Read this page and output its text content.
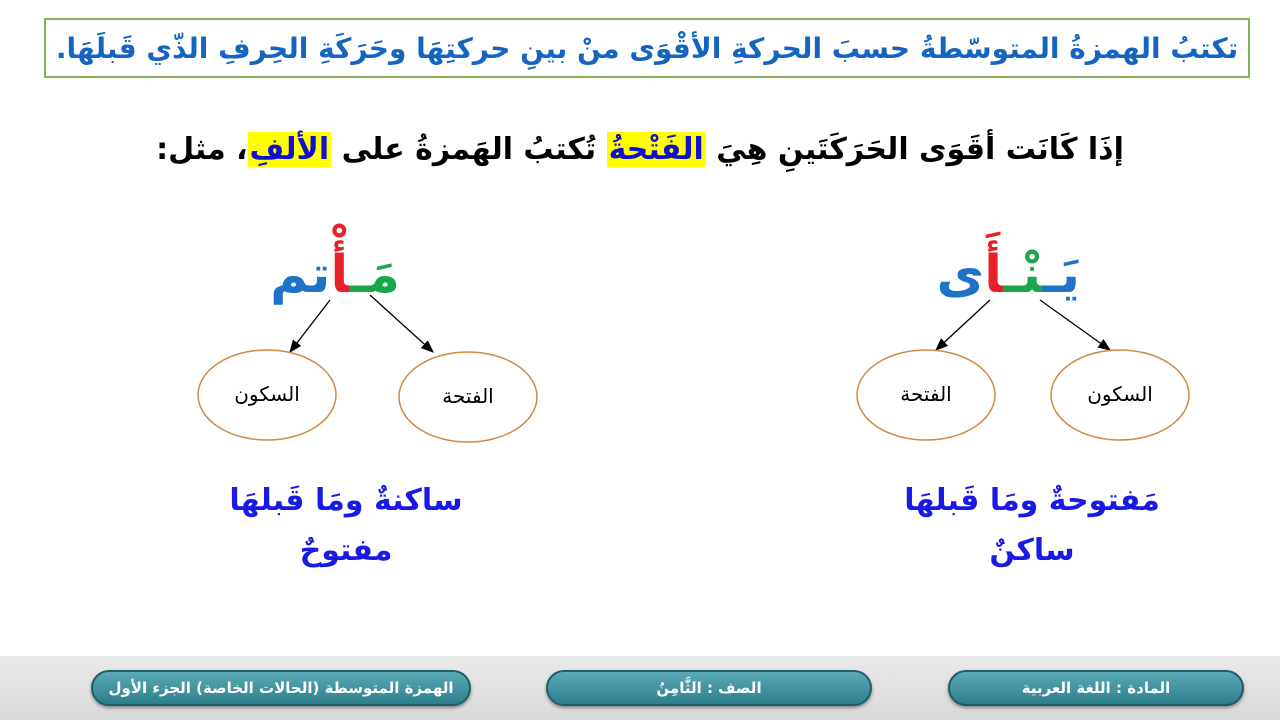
تكتبُ الهمزةُ المتوسّطةُ حسبَ الحركةِ الأقْوَى منْ بينِ حركتِهَا وحَرَكَةِ الحِرفِ الذّي قَبلَهَا.
إذَا كَانَت أقَوَى الحَرَكَتَينِ هِيَ الفَتْحةُ تُكتبُ الهَمزةُ على الألفِ، مثل:
يَـنْـأَى
الفتحة	السكون
مَفتوحةٌ ومَا قَبلهَا
ساكنٌ
مَـأْتم
السكون	الفتحة
ساكنةٌ ومَا قَبلهَا
مفتوحٌ
المادة : اللغة العربية
الصف : الثَّامِنُ
الهمزة المتوسطة (الحالات الخاصة) الجزء الأول
